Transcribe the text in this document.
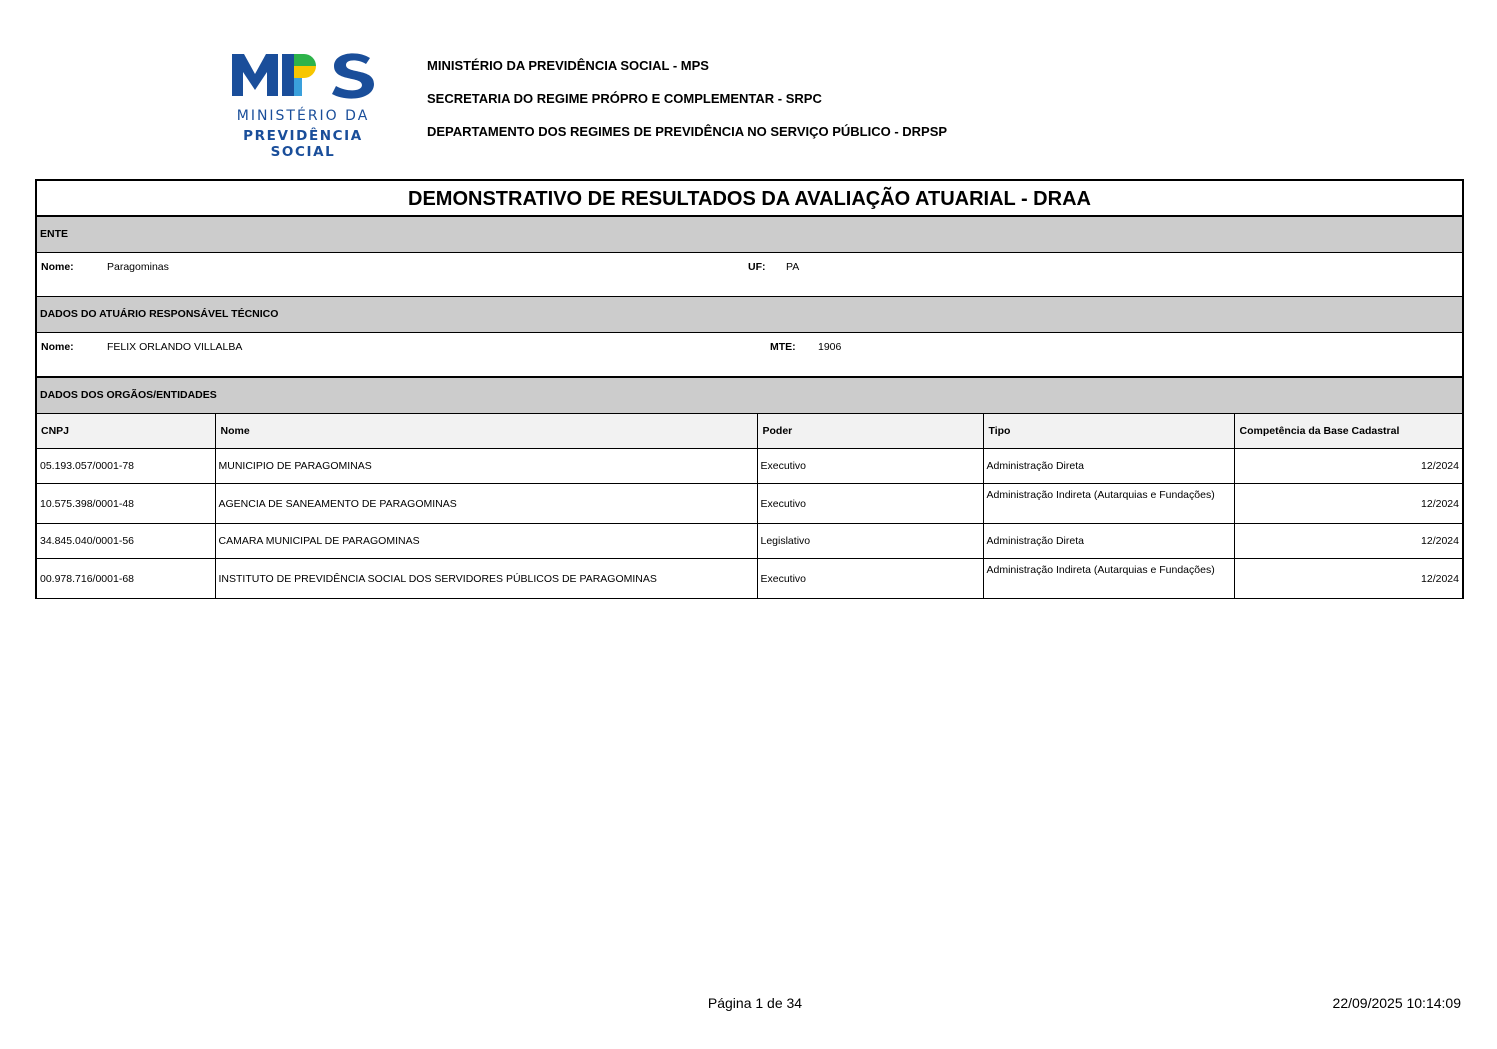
MINISTÉRIO DA
PREVIDÊNCIA SOCIAL
MINISTÉRIO DA PREVIDÊNCIA SOCIAL - MPS
SECRETARIA DO REGIME PRÓPRO E COMPLEMENTAR - SRPC
DEPARTAMENTO DOS REGIMES DE PREVIDÊNCIA NO SERVIÇO PÚBLICO - DRPSP
DEMONSTRATIVO DE RESULTADOS DA AVALIAÇÃO ATUARIAL - DRAA
ENTE
Nome:	Paragominas	UF: PA
DADOS DO ATUÁRIO RESPONSÁVEL TÉCNICO
Nome:	FELIX ORLANDO VILLALBA	MTE: 1906
DADOS DOS ORGÃOS/ENTIDADES
CNPJ	Nome	Poder	Tipo	Competência da Base Cadastral
05.193.057/0001-78	MUNICIPIO DE PARAGOMINAS	Executivo	Administração Direta	12/2024
10.575.398/0001-48	AGENCIA DE SANEAMENTO DE PARAGOMINAS	Executivo	Administração Indireta (Autarquias e Fundações)	12/2024
34.845.040/0001-56	CAMARA MUNICIPAL DE PARAGOMINAS	Legislativo	Administração Direta	12/2024
00.978.716/0001-68	INSTITUTO DE PREVIDÊNCIA SOCIAL DOS SERVIDORES PÚBLICOS DE PARAGOMINAS	Executivo	Administração Indireta (Autarquias e Fundações)	12/2024
Página 1 de 34	22/09/2025 10:14:09
